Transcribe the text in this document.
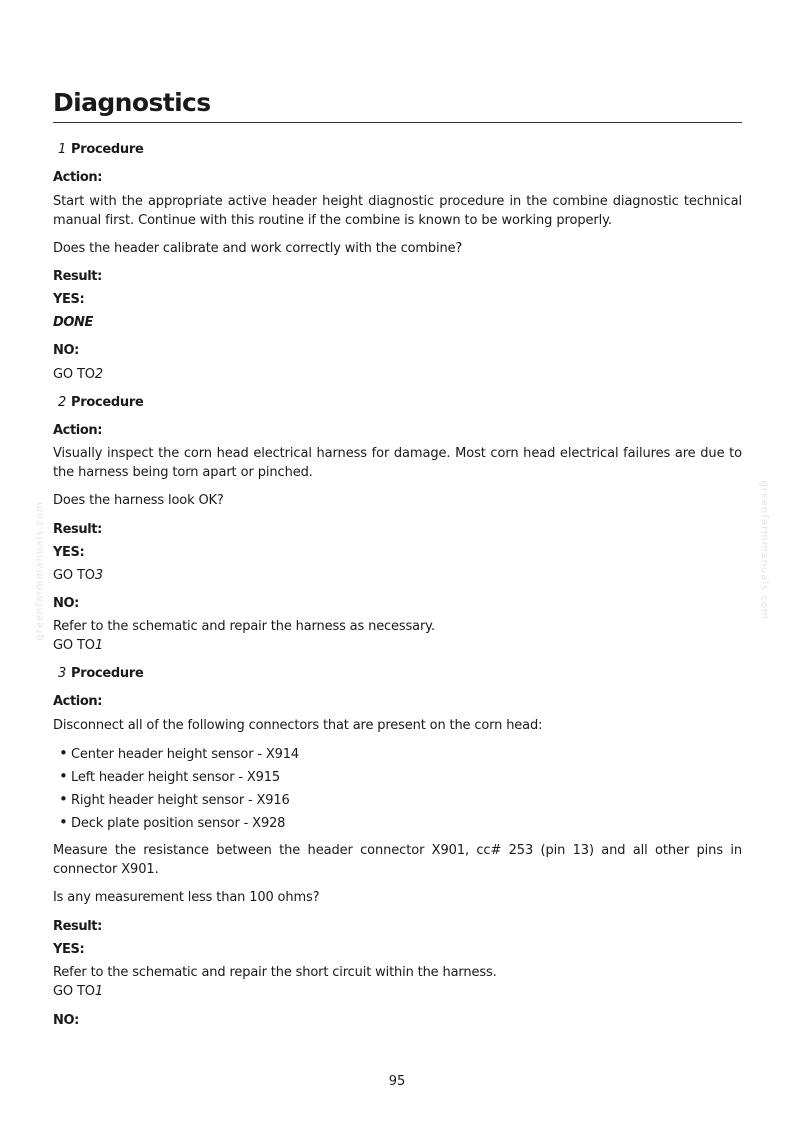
greenfarmmanuals.com	greenfarmmanuals.com
Diagnostics
1 Procedure
Action:
Start with the appropriate active header height diagnostic procedure in the combine diagnostic technical manual first. Continue with this routine if the combine is known to be working properly.
Does the header calibrate and work correctly with the combine?
Result:
YES:
DONE
NO:
GO TO2
2 Procedure
Action:
Visually inspect the corn head electrical harness for damage. Most corn head electrical failures are due to the harness being torn apart or pinched.
Does the harness look OK?
Result:
YES:
GO TO3
NO:
Refer to the schematic and repair the harness as necessary.
GO TO1
3 Procedure
Action:
Disconnect all of the following connectors that are present on the corn head:
• Center header height sensor - X914
• Left header height sensor - X915
• Right header height sensor - X916
• Deck plate position sensor - X928
Measure the resistance between the header connector X901, cc# 253 (pin 13) and all other pins in connector X901.
Is any measurement less than 100 ohms?
Result:
YES:
Refer to the schematic and repair the short circuit within the harness.
GO TO1
NO:
95
